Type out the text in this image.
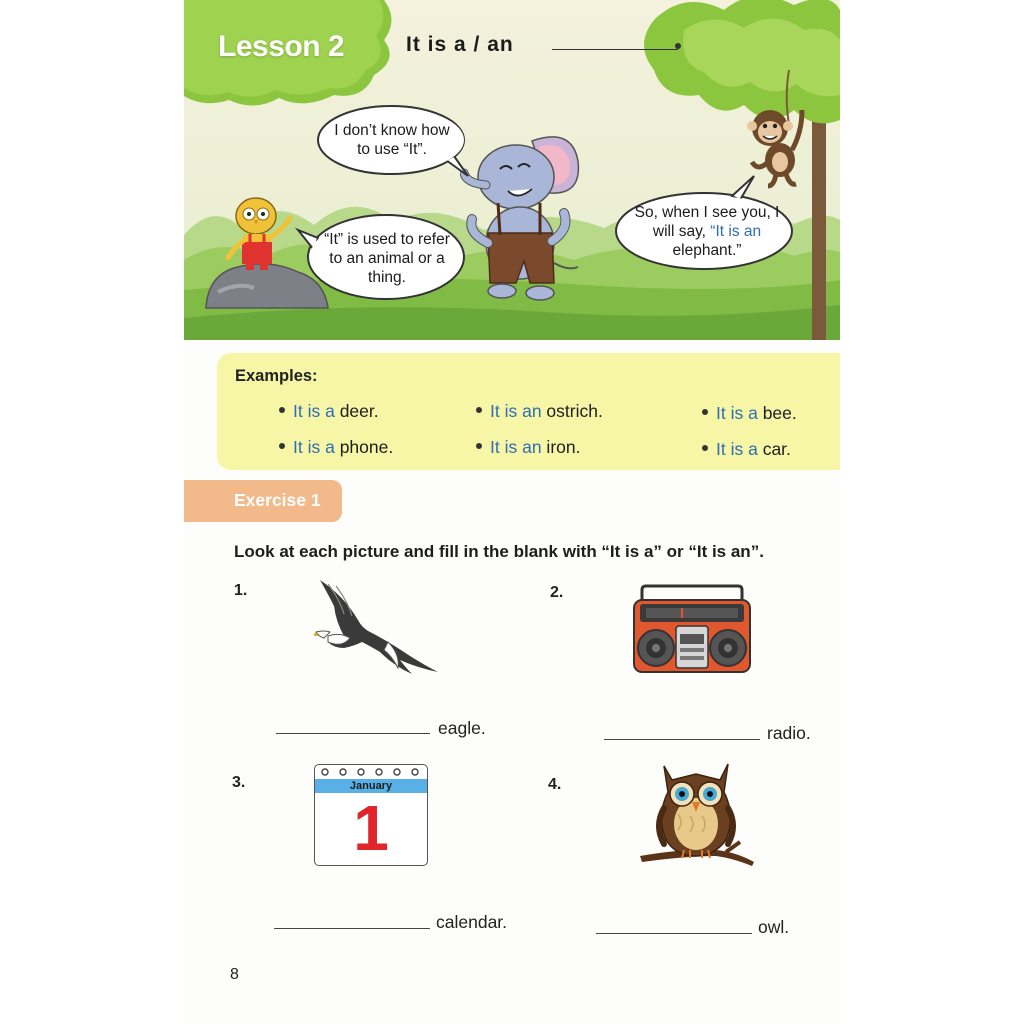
I don’t know how to use “It”.
“It” is used to refer to an animal or a thing.
So, when I see you, I will say, “It is an elephant.”
Lesson 2	It is a / an
Examples:
It is a deer.	It is an ostrich.	It is a bee.
It is a phone.	It is an iron.	It is a car.
Exercise 1
Look at each picture and fill in the blank with “It is a” or “It is an”.
1.
eagle.
2.
radio.
3.	January
1
calendar.
4.
owl.
8
